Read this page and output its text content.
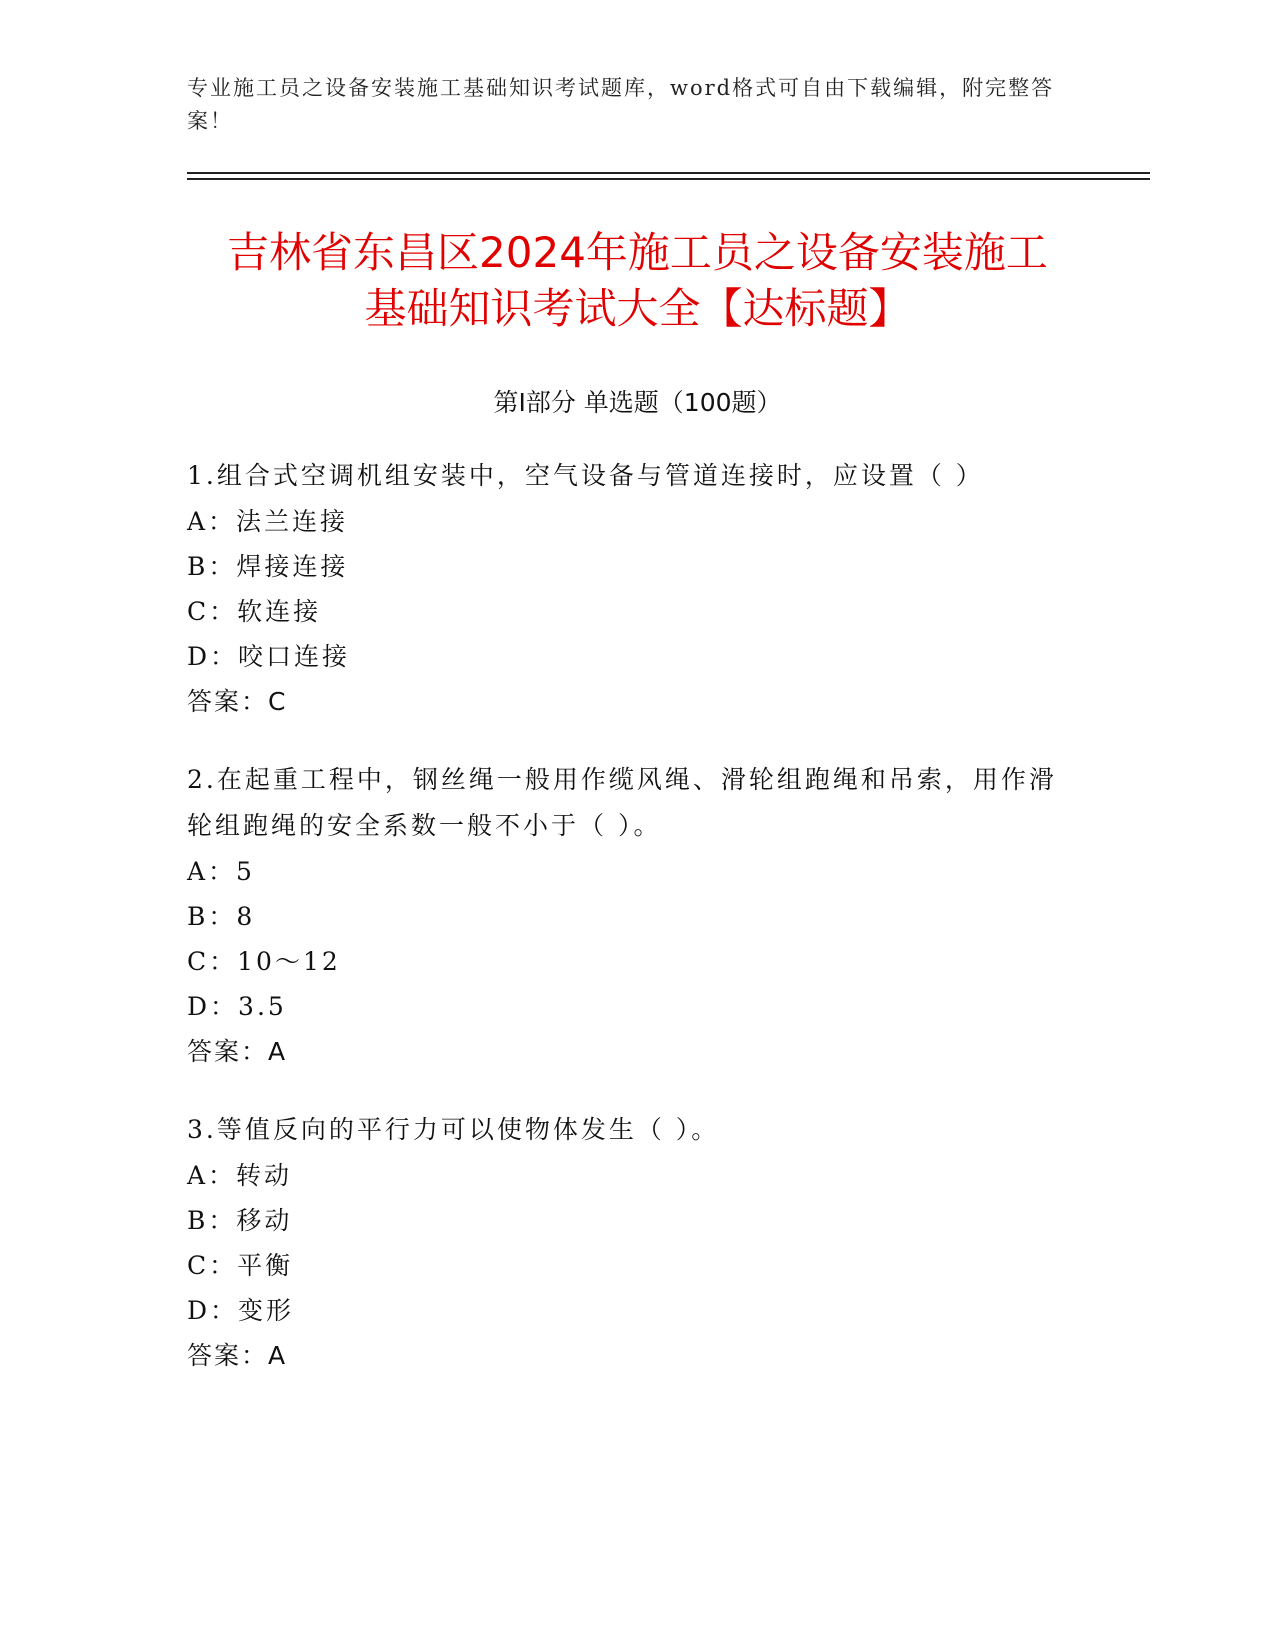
专业施工员之设备安装施工基础知识考试题库，word格式可自由下载编辑，附完整答案！
吉林省东昌区2024年施工员之设备安装施工
基础知识考试大全【达标题】
第Ⅰ部分 单选题（100题）

1.组合式空调机组安装中，空气设备与管道连接时，应设置（ ）

A：法兰连接

B：焊接连接

C：软连接

D：咬口连接

答案：C

2.在起重工程中，钢丝绳一般用作缆风绳、滑轮组跑绳和吊索，用作滑轮组跑绳的安全系数一般不小于（ ）。

A：5

B：8

C：10～12

D：3.5

答案：A

3.等值反向的平行力可以使物体发生（ ）。

A：转动

B：移动

C：平衡

D：变形

答案：A
